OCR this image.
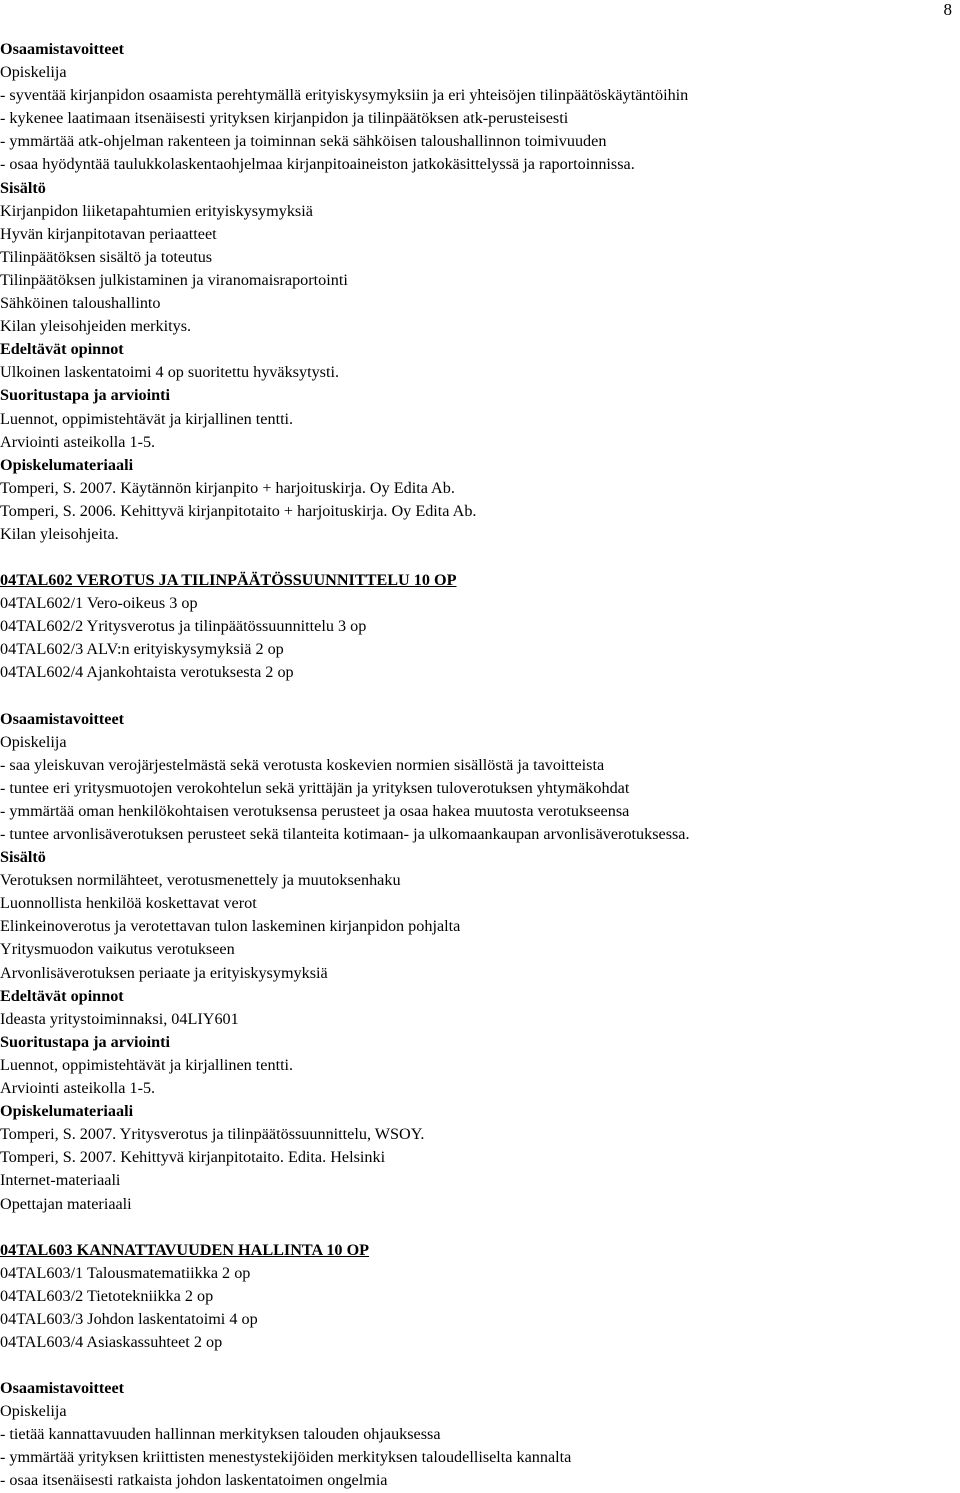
8
Osaamistavoitteet
Opiskelija
- syventää kirjanpidon osaamista perehtymällä erityiskysymyksiin ja eri yhteisöjen tilinpäätöskäytäntöihin
- kykenee laatimaan itsenäisesti yrityksen kirjanpidon ja tilinpäätöksen atk-perusteisesti
- ymmärtää atk-ohjelman rakenteen ja toiminnan sekä sähköisen taloushallinnon toimivuuden
- osaa hyödyntää taulukkolaskentaohjelmaa kirjanpitoaineiston jatkokäsittelyssä ja raportoinnissa.
Sisältö
Kirjanpidon liiketapahtumien erityiskysymyksiä
Hyvän kirjanpitotavan periaatteet
Tilinpäätöksen sisältö ja toteutus
Tilinpäätöksen julkistaminen ja viranomaisraportointi
Sähköinen taloushallinto
Kilan yleisohjeiden merkitys.
Edeltävät opinnot
Ulkoinen laskentatoimi 4 op suoritettu hyväksytysti.
Suoritustapa ja arviointi
Luennot, oppimistehtävät ja kirjallinen tentti.
Arviointi asteikolla 1-5.
Opiskelumateriaali
Tomperi, S. 2007. Käytännön kirjanpito + harjoituskirja. Oy Edita Ab.
Tomperi, S. 2006. Kehittyvä kirjanpitotaito + harjoituskirja. Oy Edita Ab.
Kilan yleisohjeita.
04TAL602 VEROTUS JA TILINPÄÄTÖSSUUNNITTELU 10 OP
04TAL602/1 Vero-oikeus 3 op
04TAL602/2 Yritysverotus ja tilinpäätössuunnittelu 3 op
04TAL602/3 ALV:n erityiskysymyksiä 2 op
04TAL602/4 Ajankohtaista verotuksesta 2 op
Osaamistavoitteet
Opiskelija
- saa yleiskuvan verojärjestelmästä sekä verotusta koskevien normien sisällöstä ja tavoitteista
- tuntee eri yritysmuotojen verokohtelun sekä yrittäjän ja yrityksen tuloverotuksen yhtymäkohdat
- ymmärtää oman henkilökohtaisen verotuksensa perusteet ja osaa hakea muutosta verotukseensa
- tuntee arvonlisäverotuksen perusteet sekä tilanteita kotimaan- ja ulkomaankaupan arvonlisäverotuksessa.
Sisältö
Verotuksen normilähteet, verotusmenettely ja muutoksenhaku
Luonnollista henkilöä koskettavat verot
Elinkeinoverotus ja verotettavan tulon laskeminen kirjanpidon pohjalta
Yritysmuodon vaikutus verotukseen
Arvonlisäverotuksen periaate ja erityiskysymyksiä
Edeltävät opinnot
Ideasta yritystoiminnaksi, 04LIY601
Suoritustapa ja arviointi
Luennot, oppimistehtävät ja kirjallinen tentti.
Arviointi asteikolla 1-5.
Opiskelumateriaali
Tomperi, S. 2007. Yritysverotus ja tilinpäätössuunnittelu, WSOY.
Tomperi, S. 2007. Kehittyvä kirjanpitotaito. Edita. Helsinki
Internet-materiaali
Opettajan materiaali
04TAL603 KANNATTAVUUDEN HALLINTA 10 OP
04TAL603/1 Talousmatematiikka 2 op
04TAL603/2 Tietotekniikka 2 op
04TAL603/3 Johdon laskentatoimi 4 op
04TAL603/4 Asiaskassuhteet 2 op
Osaamistavoitteet
Opiskelija
- tietää kannattavuuden hallinnan merkityksen talouden ohjauksessa
- ymmärtää yrityksen kriittisten menestystekijöiden merkityksen taloudelliselta kannalta
- osaa itsenäisesti ratkaista johdon laskentatoimen ongelmia
